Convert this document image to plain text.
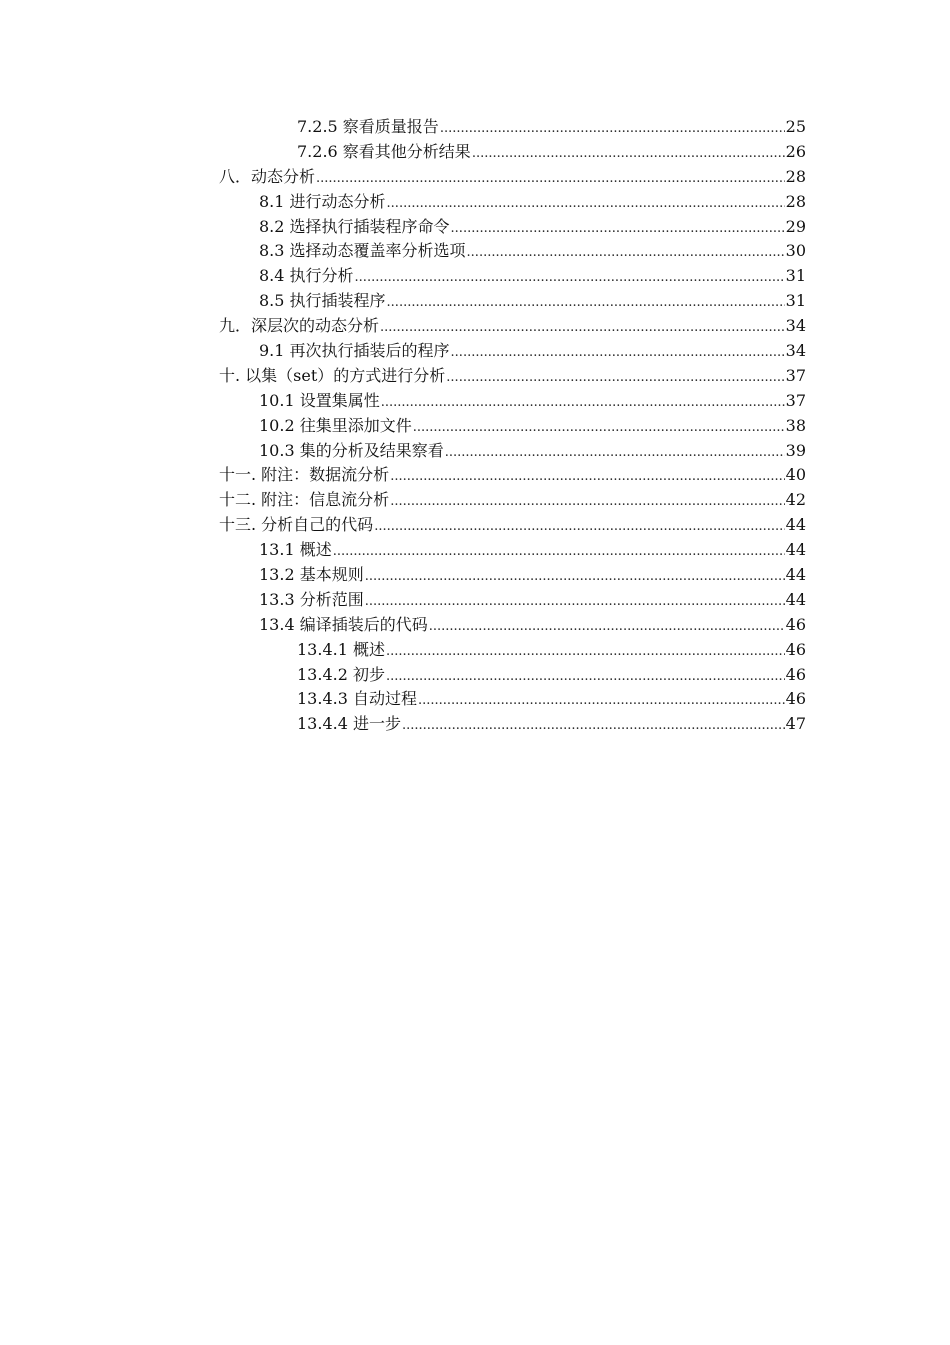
7.2.5 察看质量报告 .....	25
7.2.6 察看其他分析结果 .....	26
八．动态分析 .....	28
8.1 进行动态分析 .....	28
8.2 选择执行插装程序命令 .....	29
8.3 选择动态覆盖率分析选项 .....	30
8.4 执行分析 .....	31
8.5 执行插装程序 .....	31
九．深层次的动态分析 .....	34
9.1 再次执行插装后的程序 .....	34
十. 以集（set）的方式进行分析 .....	37
10.1 设置集属性 .....	37
10.2 往集里添加文件 .....	38
10.3 集的分析及结果察看 .....	39
十一. 附注：数据流分析 .....	40
十二. 附注：信息流分析 .....	42
十三. 分析自己的代码 .....	44
13.1 概述 .....	44
13.2 基本规则 .....	44
13.3 分析范围 .....	44
13.4 编译插装后的代码 .....	46
13.4.1 概述 .....	46
13.4.2 初步 .....	46
13.4.3 自动过程 .....	46
13.4.4 进一步 .....	47
